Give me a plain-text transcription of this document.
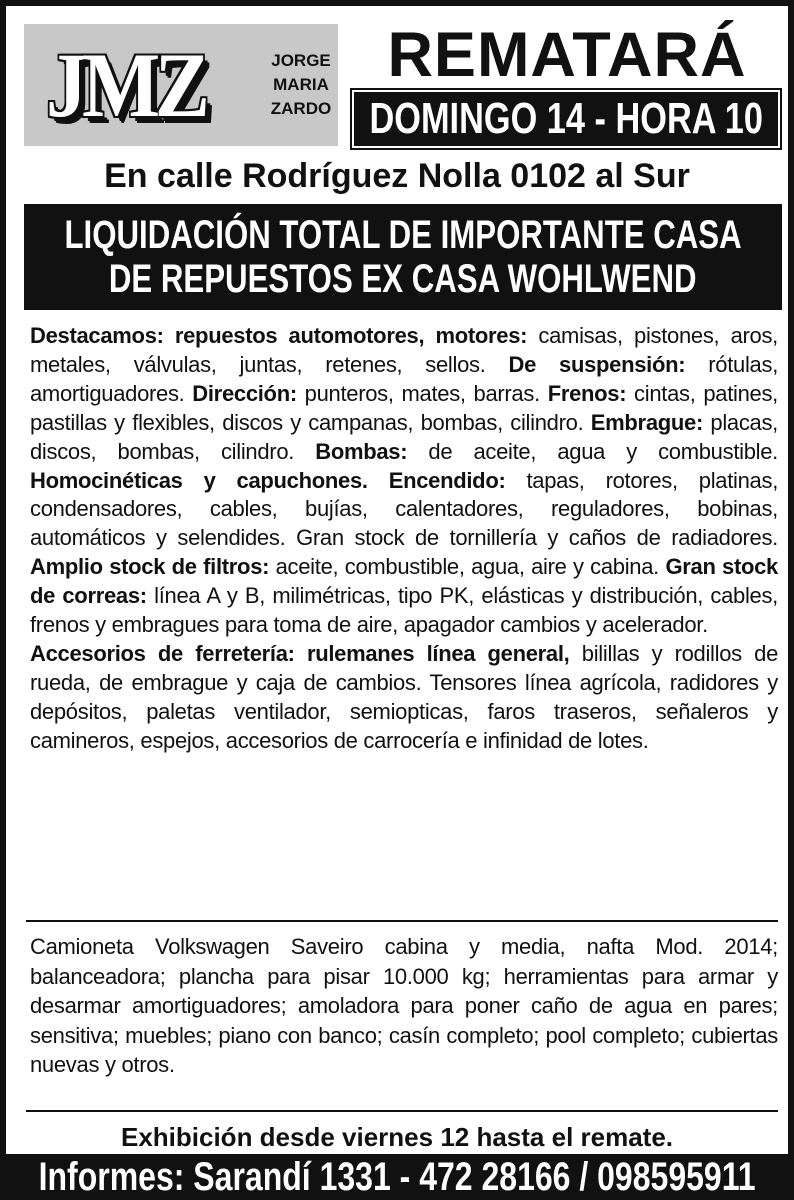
JMZ	JORGE
MARIA
ZARDO
REMATARÁ
DOMINGO 14 - HORA 10
En calle Rodríguez Nolla 0102 al Sur
LIQUIDACIÓN TOTAL DE IMPORTANTE CASA
DE REPUESTOS EX CASA WOHLWEND

Destacamos: repuestos automotores, motores: camisas, pistones, aros, metales, válvulas, juntas, retenes, sellos. De suspensión: rótulas, amortiguadores. Dirección: punteros, mates, barras. Frenos: cintas, patines, pastillas y flexibles, discos y campanas, bombas, cilindro. Embrague: placas, discos, bombas, cilindro. Bombas: de aceite, agua y combustible. Homocinéticas y capuchones. Encendido: tapas, rotores, platinas, condensadores, cables, bujías, calentadores, reguladores, bobinas, automáticos y selendides. Gran stock de tornillería y caños de radiadores. Amplio stock de filtros: aceite, combustible, agua, aire y cabina. Gran stock de correas: línea A y B, milimétricas, tipo PK, elásticas y distribución, cables, frenos y embragues para toma de aire, apagador cambios y acelerador.

Accesorios de ferretería: rulemanes línea general, bilillas y rodillos de rueda, de embrague y caja de cambios. Tensores línea agrícola, radidores y depósitos, paletas ventilador, semiopticas, faros traseros, señaleros y camineros, espejos, accesorios de carrocería e infinidad de lotes.

Camioneta Volkswagen Saveiro cabina y media, nafta Mod. 2014; balanceadora; plancha para pisar 10.000 kg; herramientas para armar y desarmar amortiguadores; amoladora para poner caño de agua en pares; sensitiva; muebles; piano con banco; casín completo; pool completo; cubiertas nuevas y otros.
Exhibición desde viernes 12 hasta el remate.
Informes: Sarandí 1331 - 472 28166 / 098595911
